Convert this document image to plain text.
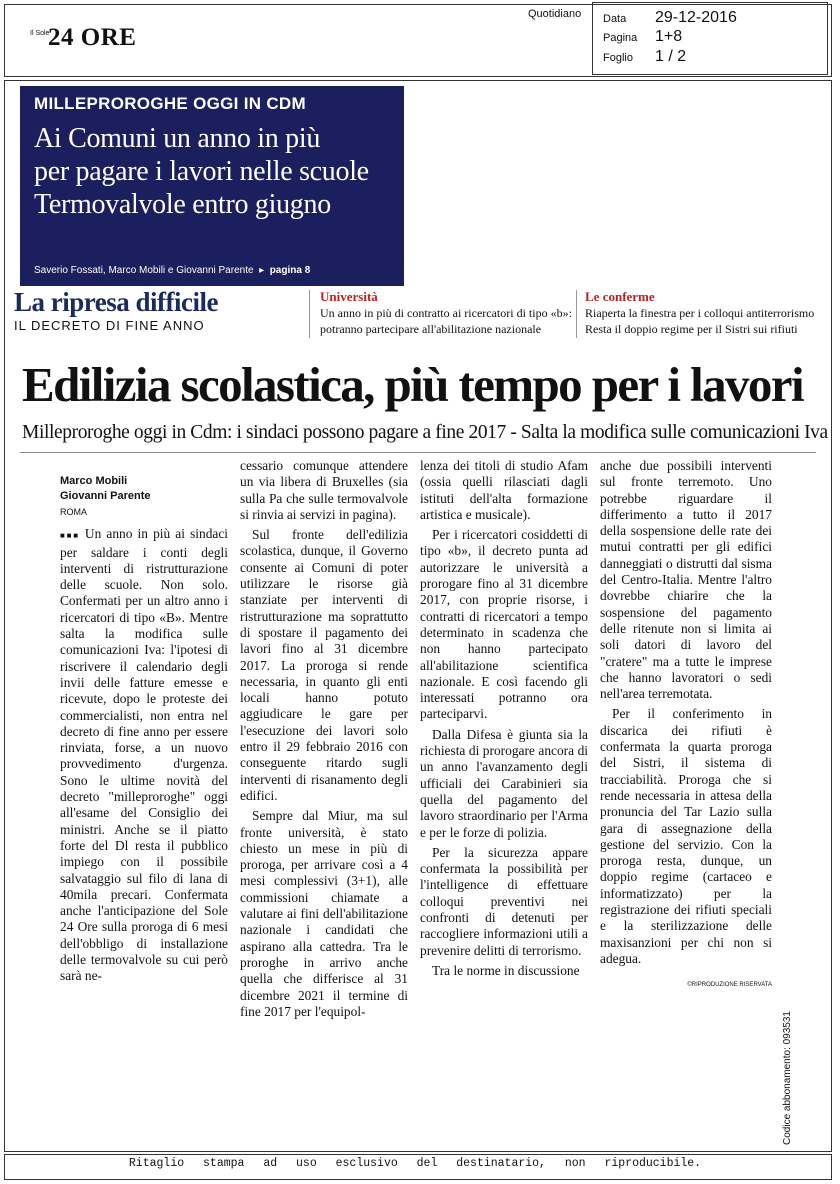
Il Sole
24 ORE
Quotidiano Data	29-12-2016
Pagina	1+8
Foglio	1 / 2
MILLEPROROGHE OGGI IN CDM
Ai Comuni un anno in più
per pagare i lavori nelle scuole
Termovalvole entro giugno
Saverio Fossati, Marco Mobili e Giovanni Parente  ▸  pagina 8
La ripresa difficile
IL DECRETO DI FINE ANNO
Università
Un anno in più di contratto ai ricercatori di tipo «b»: potranno partecipare all'abilitazione nazionale
Le conferme
Riaperta la finestra per i colloqui antiterrorismo Resta il doppio regime per il Sistri sui rifiuti
Edilizia scolastica, più tempo per i lavori
Milleproroghe oggi in Cdm: i sindaci possono pagare a fine 2017 - Salta la modifica sulle comunicazioni Iva
Marco Mobili
Giovanni Parente
ROMA

■■■ Un anno in più ai sindaci per saldare i conti degli interventi di ristrutturazione delle scuole. Non solo. Confermati per un altro anno i ricercatori di tipo «B». Mentre salta la modifica sulle comunicazioni Iva: l'ipotesi di riscrivere il calendario degli invii delle fatture emesse e ricevute, dopo le proteste dei commercialisti, non entra nel decreto di fine anno per essere rinviata, forse, a un nuovo provvedimento d'urgenza. Sono le ultime novità del decreto "milleproroghe" oggi all'esame del Consiglio dei ministri. Anche se il piatto forte del Dl resta il pubblico impiego con il possibile salvataggio sul filo di lana di 40mila precari. Confermata anche l'anticipazione del Sole 24 Ore sulla proroga di 6 mesi dell'obbligo di installazione delle termovalvole su cui però sarà ne-

cessario comunque attendere un via libera di Bruxelles (sia sulla Pa che sulle termovalvole si rinvia ai servizi in pagina).

Sul fronte dell'edilizia scolastica, dunque, il Governo consente ai Comuni di poter utilizzare le risorse già stanziate per interventi di ristrutturazione ma soprattutto di spostare il pagamento dei lavori fino al 31 dicembre 2017. La proroga si rende necessaria, in quanto gli enti locali hanno potuto aggiudicare le gare per l'esecuzione dei lavori solo entro il 29 febbraio 2016 con conseguente ritardo sugli interventi di risanamento degli edifici.

Sempre dal Miur, ma sul fronte università, è stato chiesto un mese in più di proroga, per arrivare così a 4 mesi complessivi (3+1), alle commissioni chiamate a valutare ai fini dell'abilitazione nazionale i candidati che aspirano alla cattedra. Tra le proroghe in arrivo anche quella che differisce al 31 dicembre 2021 il termine di fine 2017 per l'equipol-

lenza dei titoli di studio Afam (ossia quelli rilasciati dagli istituti dell'alta formazione artistica e musicale).

Per i ricercatori cosiddetti di tipo «b», il decreto punta ad autorizzare le università a prorogare fino al 31 dicembre 2017, con proprie risorse, i contratti di ricercatori a tempo determinato in scadenza che non hanno partecipato all'abilitazione scientifica nazionale. E così facendo gli interessati potranno ora parteciparvi.

Dalla Difesa è giunta sia la richiesta di prorogare ancora di un anno l'avanzamento degli ufficiali dei Carabinieri sia quella del pagamento del lavoro straordinario per l'Arma e per le forze di polizia.

Per la sicurezza appare confermata la possibilità per l'intelligence di effettuare colloqui preventivi nei confronti di detenuti per raccogliere informazioni utili a prevenire delitti di terrorismo.

Tra le norme in discussione

anche due possibili interventi sul fronte terremoto. Uno potrebbe riguardare il differimento a tutto il 2017 della sospensione delle rate dei mutui contratti per gli edifici danneggiati o distrutti dal sisma del Centro-Italia. Mentre l'altro dovrebbe chiarire che la sospensione del pagamento delle ritenute non si limita ai soli datori di lavoro del "cratere" ma a tutte le imprese che hanno lavoratori o sedi nell'area terremotata.

Per il conferimento in discarica dei rifiuti è confermata la quarta proroga del Sistri, il sistema di tracciabilità. Proroga che si rende necessaria in attesa della pronuncia del Tar Lazio sulla gara di assegnazione della gestione del servizio. Con la proroga resta, dunque, un doppio regime (cartaceo e informatizzato) per la registrazione dei rifiuti speciali e la sterilizzazione delle maxisanzioni per chi non si adegua.

©RIPRODUZIONE RISERVATA
Codice abbonamento: 093531
Ritaglio stampa ad uso esclusivo del destinatario, non riproducibile.
